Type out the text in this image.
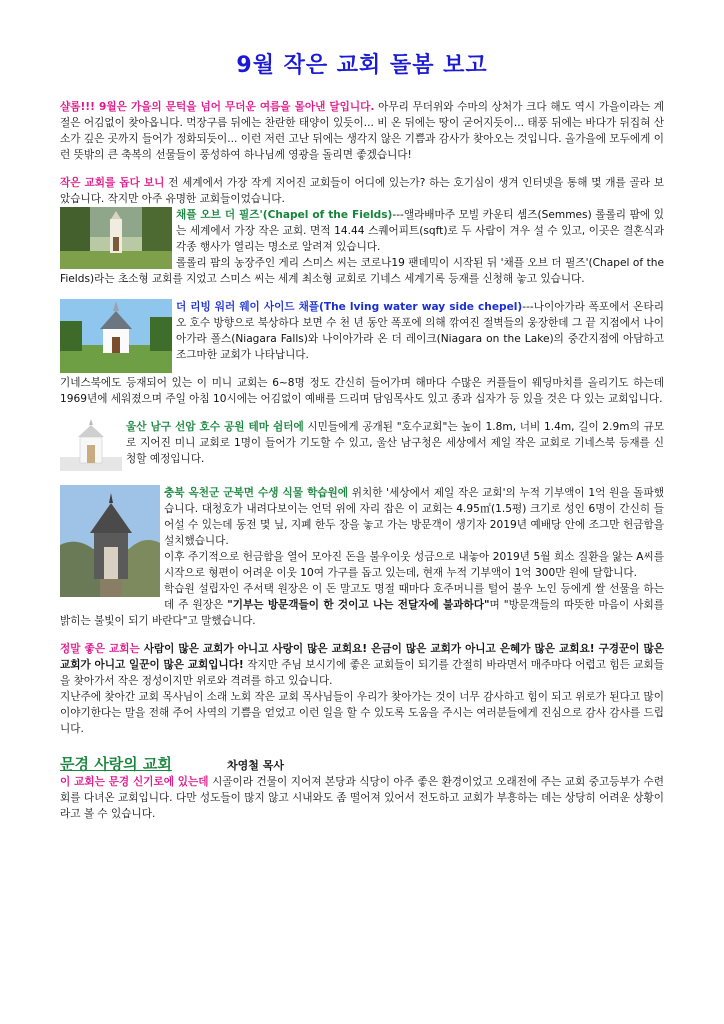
9월 작은 교회 돌봄 보고

샬롬!!! 9월은 가을의 문턱을 넘어 무더운 여름을 몰아낸 달입니다. 아무리 무더위와 수마의 상처가 크다 해도 역시 가을이라는 계절은 어김없이 찾아옵니다. 먹장구름 뒤에는 찬란한 태양이 있듯이... 비 온 뒤에는 땅이 굳어지듯이... 태풍 뒤에는 바다가 뒤집혀 산소가 깊은 곳까지 들어가 정화되듯이... 이런 저런 고난 뒤에는 생각지 않은 기쁨과 감사가 찾아오는 것입니다. 올가을에 모두에게 이런 뜻밖의 큰 축복의 선물들이 풍성하여 하나님께 영광을 돌리면 좋겠습니다!

작은 교회를 돕다 보니 전 세계에서 가장 작게 지어진 교회들이 어디에 있는가? 하는 호기심이 생겨 인터넷을 통해 몇 개를 골라 보았습니다. 작지만 아주 유명한 교회들이었습니다.

채플 오브 더 필즈'(Chapel of the Fields)---앨라배마주 모빌 카운티 셈즈(Semmes) 롤롤리 팜에 있는 세계에서 가장 작은 교회. 면적 14.44 스퀘어피트(sqft)로 두 사람이 겨우 설 수 있고, 이곳은 결혼식과 각종 행사가 열리는 명소로 알려져 있습니다.

롤롤리 팜의 농장주인 게리 스미스 씨는 코로나19 팬데믹이 시작된 뒤 '채플 오브 더 필즈'(Chapel of the Fields)라는 초소형 교회를 지었고 스미스 씨는 세계 최소형 교회로 기네스 세계기록 등재를 신청해 놓고 있습니다.

더 리빙 워러 웨이 사이드 채플(The lving water way side chepel)---나이아가라 폭포에서 온타리오 호수 방향으로 북상하다 보면 수 천 년 동안 폭포에 의해 깎여진 절벽들의 웅장한데 그 끝 지점에서 나이아가라 폴스(Niagara Falls)와 나이아가라 온 더 레이크(Niagara on the Lake)의 중간지점에 아담하고 조그마한 교회가 나타납니다.

기네스북에도 등재되어 있는 이 미니 교회는 6~8명 정도 간신히 들어가며 해마다 수많은 커플들이 웨딩마치를 올리기도 하는데 1969년에 세워졌으며 주일 아침 10시에는 어김없이 예배를 드리며 담임목사도 있고 종과 십자가 등 있을 것은 다 있는 교회입니다.

울산 남구 선암 호수 공원 테마 쉼터에 시민들에게 공개된 "호수교회"는 높이 1.8m, 너비 1.4m, 길이 2.9m의 규모로 지어진 미니 교회로 1명이 들어가 기도할 수 있고, 울산 남구청은 세상에서 제일 작은 교회로 기네스북 등재를 신청할 예정입니다.

충북 옥천군 군북면 수생 식물 학습원에 위치한 '세상에서 제일 작은 교회'의 누적 기부액이 1억 원을 돌파했습니다. 대청호가 내려다보이는 언덕 위에 자리 잡은 이 교회는 4.95㎡(1.5평) 크기로 성인 6명이 간신히 들어설 수 있는데 동전 몇 닢, 지폐 한두 장을 놓고 가는 방문객이 생기자 2019년 예배당 안에 조그만 헌금함을 설치했습니다.

이후 주기적으로 헌금함을 열어 모아진 돈을 불우이웃 성금으로 내놓아 2019년 5월 희소 질환을 앓는 A씨를 시작으로 형편이 어려운 이웃 10여 가구를 돕고 있는데, 현재 누적 기부액이 1억 300만 원에 달합니다.

학습원 설립자인 주서택 원장은 이 돈 말고도 명절 때마다 호주머니를 털어 불우 노인 등에게 쌀 선물을 하는데 주 원장은 "기부는 방문객들이 한 것이고 나는 전달자에 불과하다"며 "방문객들의 따뜻한 마음이 사회를 밝히는 불빛이 되기 바란다"고 말했습니다.

정말 좋은 교회는 사람이 많은 교회가 아니고 사랑이 많은 교회요! 은금이 많은 교회가 아니고 은혜가 많은 교회요! 구경꾼이 많은 교회가 아니고 일꾼이 많은 교회입니다! 작지만 주님 보시기에 좋은 교회들이 되기를 간절히 바라면서 매주마다 어렵고 힘든 교회들을 찾아가서 작은 정성이지만 위로와 격려를 하고 있습니다.

지난주에 찾아간 교회 목사님이 소래 노회 작은 교회 목사님들이 우리가 찾아가는 것이 너무 감사하고 힘이 되고 위로가 된다고 많이 이야기한다는 말을 전해 주어 사역의 기쁨을 얻었고 이런 일을 할 수 있도록 도움을 주시는 여러분들에게 진심으로 감사 감사를 드립니다.

문경 사랑의 교회	차영철 목사

이 교회는 문경 신기로에 있는데 시골이라 건물이 지어져 본당과 식당이 아주 좋은 환경이었고 오래전에 주는 교회 중고등부가 수련회를 다녀온 교회입니다. 다만 성도들이 많지 않고 시내와도 좀 떨어져 있어서 전도하고 교회가 부흥하는 데는 상당히 어려운 상황이라고 볼 수 있습니다.
